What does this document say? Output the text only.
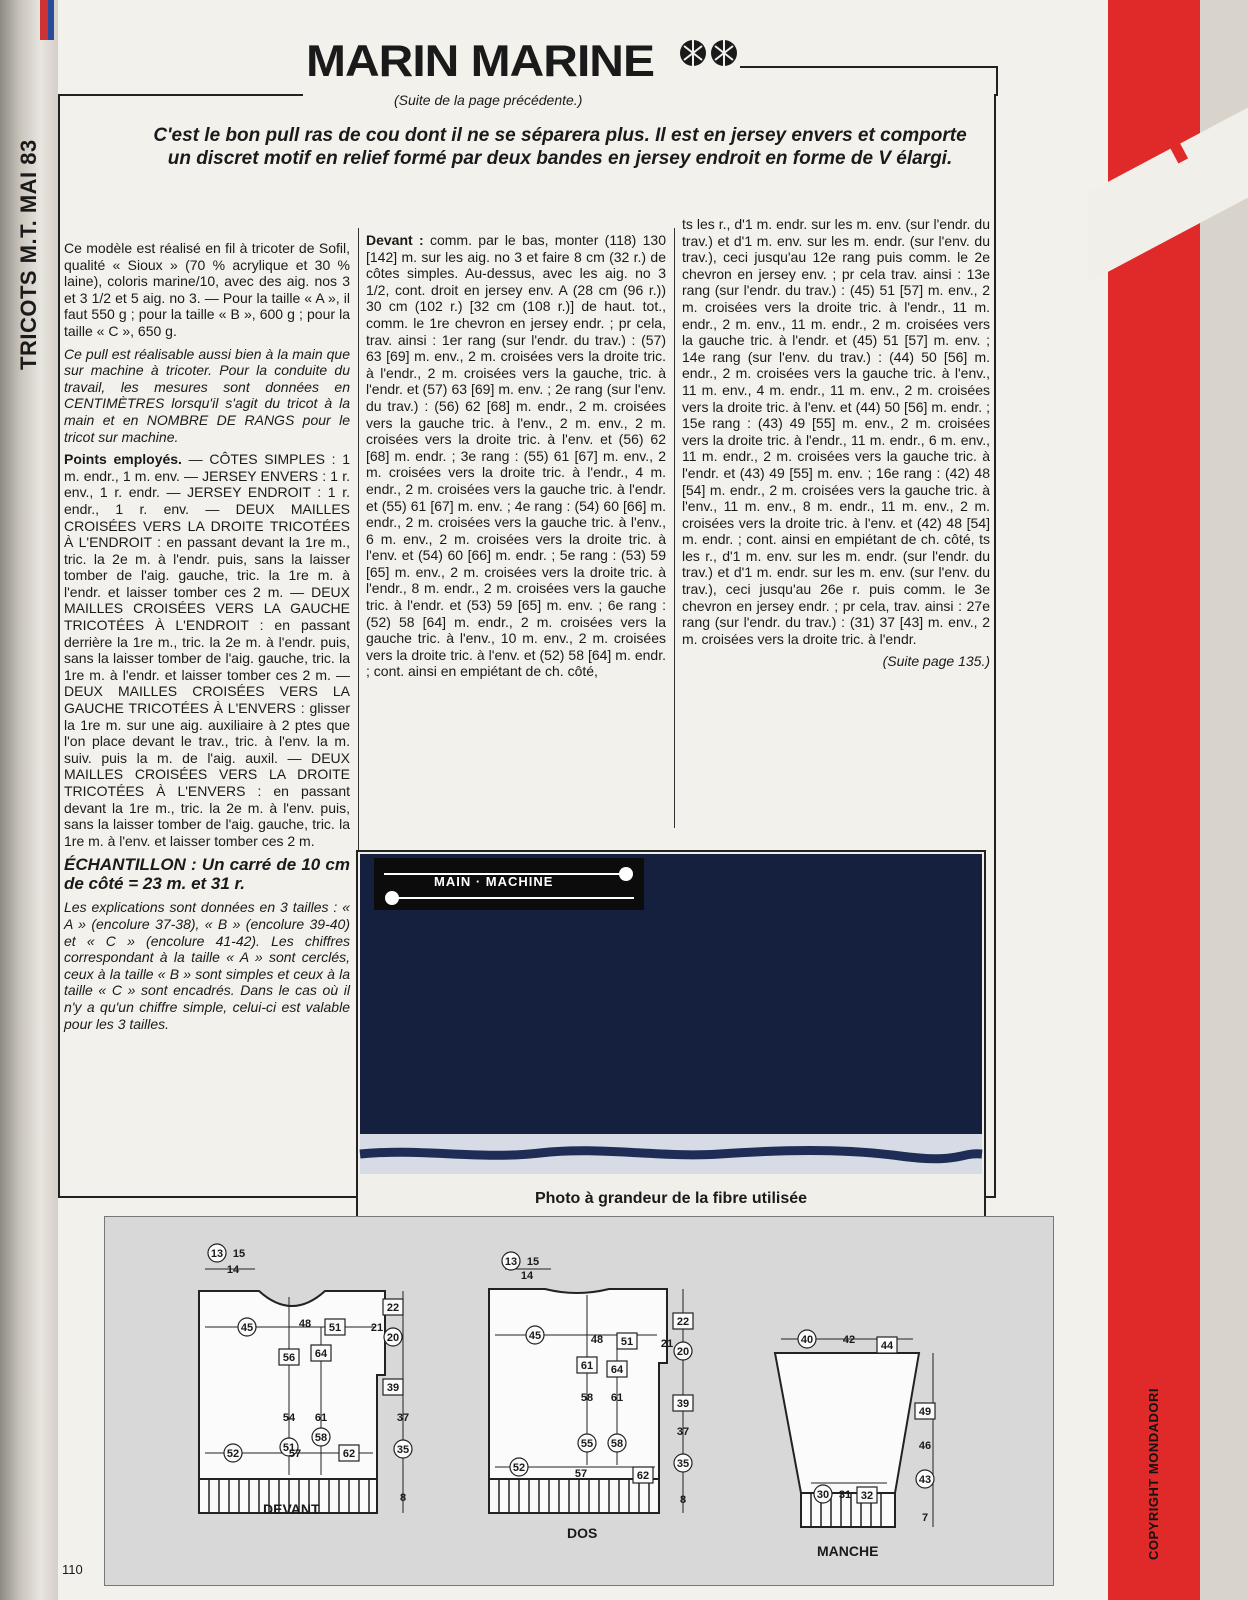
T
COPYRIGHT MONDADORI
MARIN MARINE
(Suite de la page précédente.)
TRICOTS M.T. MAI 83
C'est le bon pull ras de cou dont il ne se séparera plus. Il est en jersey envers et comporte un discret motif en relief formé par deux bandes en jersey endroit en forme de V élargi.

Ce modèle est réalisé en fil à tricoter de Sofil, qualité « Sioux » (70 % acrylique et 30 % laine), coloris marine/10, avec des aig. nos 3 et 3 1/2 et 5 aig. no 3. — Pour la taille « A », il faut 550 g ; pour la taille « B », 600 g ; pour la taille « C », 650 g.

Ce pull est réalisable aussi bien à la main que sur machine à tricoter. Pour la conduite du travail, les mesures sont données en CENTIMÈTRES lorsqu'il s'agit du tricot à la main et en NOMBRE DE RANGS pour le tricot sur machine.

Points employés. — CÔTES SIMPLES : 1 m. endr., 1 m. env. — JERSEY ENVERS : 1 r. env., 1 r. endr. — JERSEY ENDROIT : 1 r. endr., 1 r. env. — DEUX MAILLES CROISÉES VERS LA DROITE TRICOTÉES À L'ENDROIT : en passant devant la 1re m., tric. la 2e m. à l'endr. puis, sans la laisser tomber de l'aig. gauche, tric. la 1re m. à l'endr. et laisser tomber ces 2 m. — DEUX MAILLES CROISÉES VERS LA GAUCHE TRICOTÉES À L'ENDROIT : en passant derrière la 1re m., tric. la 2e m. à l'endr. puis, sans la laisser tomber de l'aig. gauche, tric. la 1re m. à l'endr. et laisser tomber ces 2 m. — DEUX MAILLES CROISÉES VERS LA GAUCHE TRICOTÉES À L'ENVERS : glisser la 1re m. sur une aig. auxiliaire à 2 ptes que l'on place devant le trav., tric. à l'env. la m. suiv. puis la m. de l'aig. auxil. — DEUX MAILLES CROISÉES VERS LA DROITE TRICOTÉES À L'ENVERS : en passant devant la 1re m., tric. la 2e m. à l'env. puis, sans la laisser tomber de l'aig. gauche, tric. la 1re m. à l'env. et laisser tomber ces 2 m.

ÉCHANTILLON : Un carré de 10 cm de côté = 23 m. et 31 r.

Les explications sont données en 3 tailles : « A » (encolure 37-38), « B » (encolure 39-40) et « C » (encolure 41-42). Les chiffres correspondant à la taille « A » sont cerclés, ceux à la taille « B » sont simples et ceux à la taille « C » sont encadrés. Dans le cas où il n'y a qu'un chiffre simple, celui-ci est valable pour les 3 tailles.

Devant : comm. par le bas, monter (118) 130 [142] m. sur les aig. no 3 et faire 8 cm (32 r.) de côtes simples. Au-dessus, avec les aig. no 3 1/2, cont. droit en jersey env. A (28 cm (96 r.)) 30 cm (102 r.) [32 cm (108 r.)] de haut. tot., comm. le 1re chevron en jersey endr. ; pr cela, trav. ainsi : 1er rang (sur l'endr. du trav.) : (57) 63 [69] m. env., 2 m. croisées vers la droite tric. à l'endr., 2 m. croisées vers la gauche, tric. à l'endr. et (57) 63 [69] m. env. ; 2e rang (sur l'env. du trav.) : (56) 62 [68] m. endr., 2 m. croisées vers la gauche tric. à l'env., 2 m. env., 2 m. croisées vers la droite tric. à l'env. et (56) 62 [68] m. endr. ; 3e rang : (55) 61 [67] m. env., 2 m. croisées vers la droite tric. à l'endr., 4 m. endr., 2 m. croisées vers la gauche tric. à l'endr. et (55) 61 [67] m. env. ; 4e rang : (54) 60 [66] m. endr., 2 m. croisées vers la gauche tric. à l'env., 6 m. env., 2 m. croisées vers la droite tric. à l'env. et (54) 60 [66] m. endr. ; 5e rang : (53) 59 [65] m. env., 2 m. croisées vers la droite tric. à l'endr., 8 m. endr., 2 m. croisées vers la gauche tric. à l'endr. et (53) 59 [65] m. env. ; 6e rang : (52) 58 [64] m. endr., 2 m. croisées vers la gauche tric. à l'env., 10 m. env., 2 m. croisées vers la droite tric. à l'env. et (52) 58 [64] m. endr. ; cont. ainsi en empiétant de ch. côté,

ts les r., d'1 m. endr. sur les m. env. (sur l'endr. du trav.) et d'1 m. env. sur les m. endr. (sur l'env. du trav.), ceci jusqu'au 12e rang puis comm. le 2e chevron en jersey env. ; pr cela trav. ainsi : 13e rang (sur l'endr. du trav.) : (45) 51 [57] m. env., 2 m. croisées vers la droite tric. à l'endr., 11 m. endr., 2 m. env., 11 m. endr., 2 m. croisées vers la gauche tric. à l'endr. et (45) 51 [57] m. env. ; 14e rang (sur l'env. du trav.) : (44) 50 [56] m. endr., 2 m. croisées vers la gauche tric. à l'env., 11 m. env., 4 m. endr., 11 m. env., 2 m. croisées vers la droite tric. à l'env. et (44) 50 [56] m. endr. ; 15e rang : (43) 49 [55] m. env., 2 m. croisées vers la droite tric. à l'endr., 11 m. endr., 6 m. env., 11 m. endr., 2 m. croisées vers la gauche tric. à l'endr. et (43) 49 [55] m. env. ; 16e rang : (42) 48 [54] m. endr., 2 m. croisées vers la gauche tric. à l'env., 11 m. env., 8 m. endr., 11 m. env., 2 m. croisées vers la droite tric. à l'env. et (42) 48 [54] m. endr. ; cont. ainsi en empiétant de ch. côté, ts les r., d'1 m. env. sur les m. endr. (sur l'endr. du trav.) et d'1 m. endr. sur les m. env. (sur l'env. du trav.), ceci jusqu'au 26e r. puis comm. le 3e chevron en jersey endr. ; pr cela, trav. ainsi : 27e rang (sur l'endr. du trav.) : (31) 37 [43] m. env., 2 m. croisées vers la droite tric. à l'endr.

(Suite page 135.)

MAIN · MACHINE
Photo à grandeur de la fibre utilisée
13 15
14
45	48 51
56
54
51
64
61
58
52	57	62
22
21
20
39
37
35
8
13 15
14
45	48 51
61
58
55
64
61
58
52	57	62
22
21
20
39
37
35
8
40	42 44
49
46
43
7
30 31 32
DEVANT
DOS
MANCHE
110
